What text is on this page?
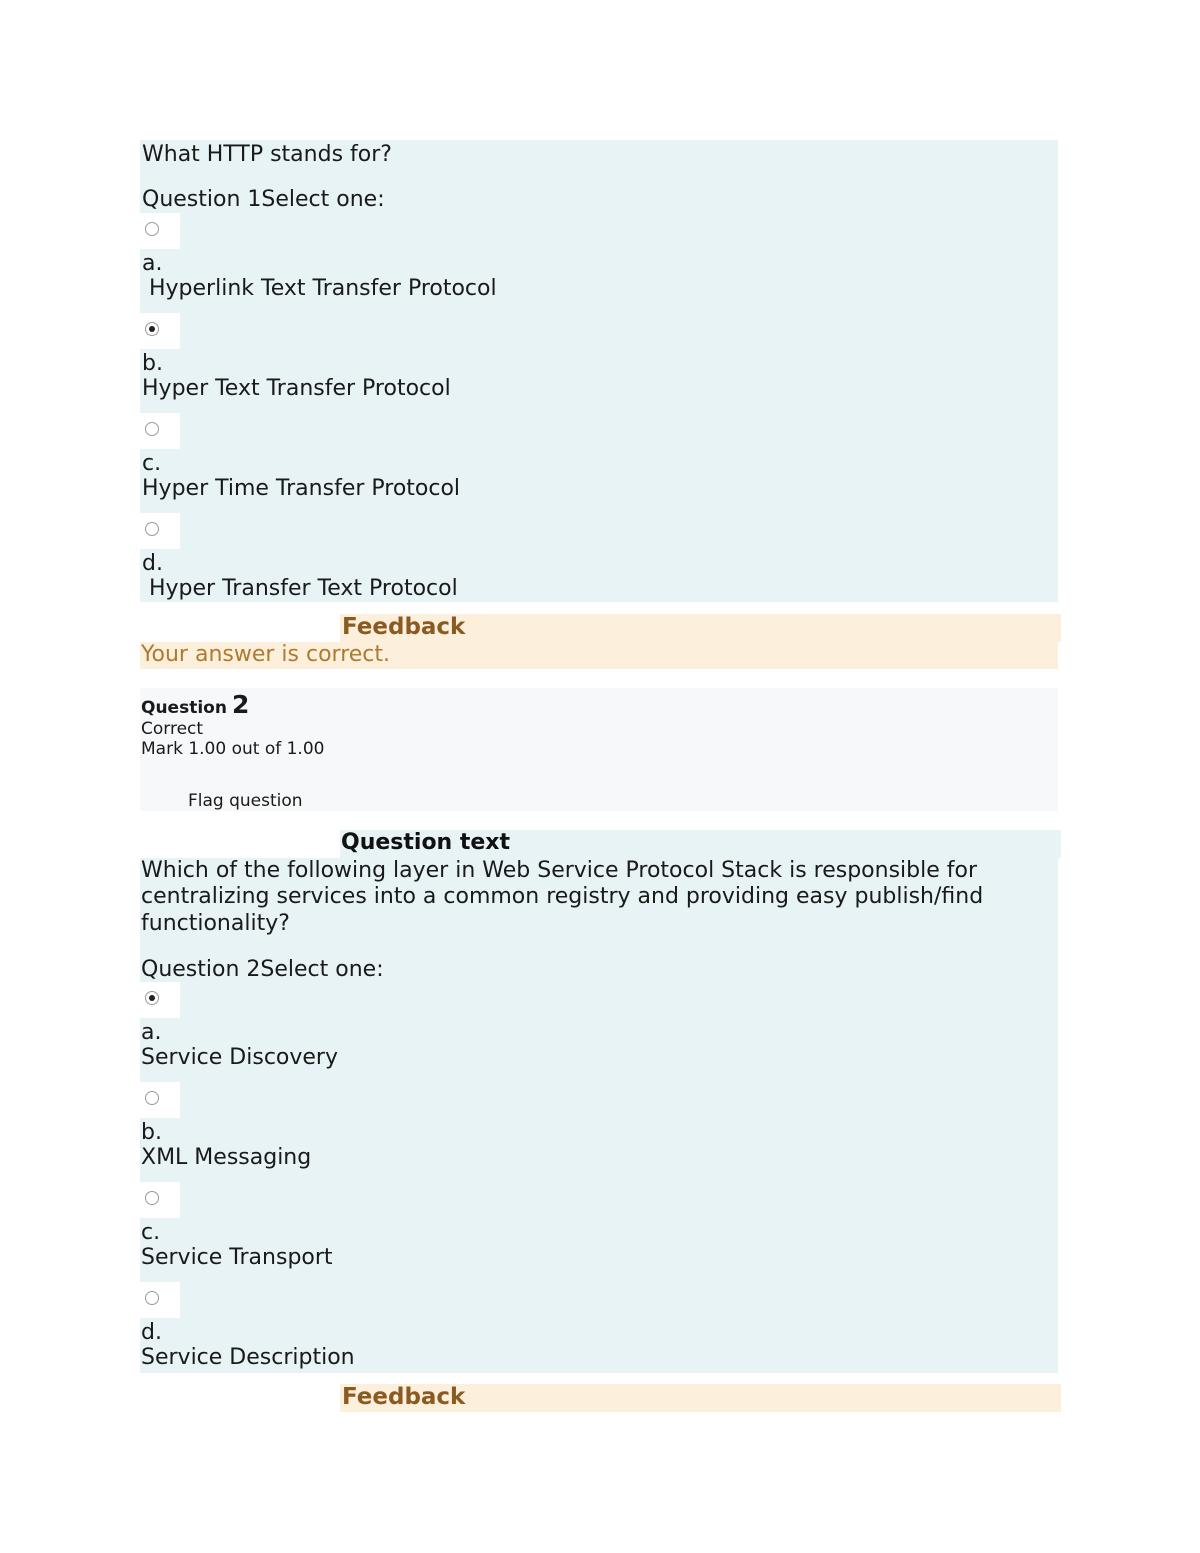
What HTTP stands for?
Question 1Select one:
a.
Hyperlink Text Transfer Protocol
b.
Hyper Text Transfer Protocol
c.
Hyper Time Transfer Protocol
d.
Hyper Transfer Text Protocol
Feedback
Your answer is correct.
Question 2
Correct
Mark 1.00 out of 1.00
Flag question
Question text
Which of the following layer in Web Service Protocol Stack is responsible for
centralizing services into a common registry and providing easy publish/find
functionality?
Question 2Select one:
a.
Service Discovery
b.
XML Messaging
c.
Service Transport
d.
Service Description
Feedback
